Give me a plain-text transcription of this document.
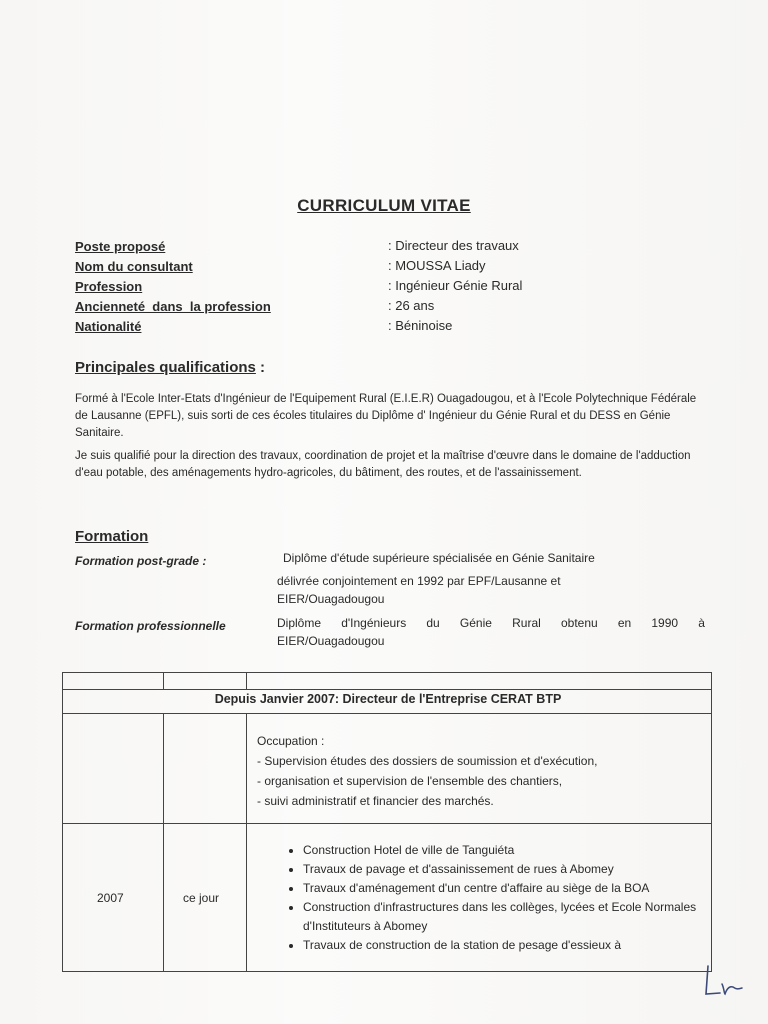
CURRICULUM VITAE
Poste proposé	: Directeur des travaux
Nom du consultant	: MOUSSA Liady
Profession	: Ingénieur Génie Rural
Ancienneté  dans  la profession	: 26 ans
Nationalité	: Béninoise
Principales qualifications :
Formé à l'Ecole Inter-Etats d'Ingénieur de l'Equipement Rural (E.I.E.R) Ouagadougou, et à l'Ecole Polytechnique Fédérale de Lausanne (EPFL), suis sorti de ces écoles titulaires du Diplôme d' Ingénieur du Génie Rural et du DESS en Génie Sanitaire.
Je suis qualifié pour la direction des travaux, coordination de projet et la maîtrise d'œuvre dans le domaine de l'adduction d'eau potable, des aménagements hydro-agricoles, du bâtiment, des routes, et de l'assainissement.
Formation
Formation post-grade :	Diplôme d'étude supérieure spécialisée en Génie Sanitaire
délivrée conjointement en 1992 par EPF/Lausanne et
EIER/Ouagadougou
Formation professionnelle	Diplôme d'Ingénieurs du Génie Rural obtenu en 1990 à
EIER/Ouagadougou
Depuis Janvier 2007: Directeur de l'Entreprise CERAT BTP
Occupation :
- Supervision études des dossiers de soumission et d'exécution,
- organisation et supervision de l'ensemble des chantiers,
- suivi administratif et financier des marchés.
2007	ce jour
• Construction Hotel de ville de Tanguiéta
• Travaux de pavage et d'assainissement de rues à Abomey
• Travaux d'aménagement d'un centre d'affaire au siège de la BOA
• Construction d'infrastructures dans les collèges, lycées et Ecole Normales d'Instituteurs à Abomey
• Travaux de construction de la station de pesage d'essieux à
